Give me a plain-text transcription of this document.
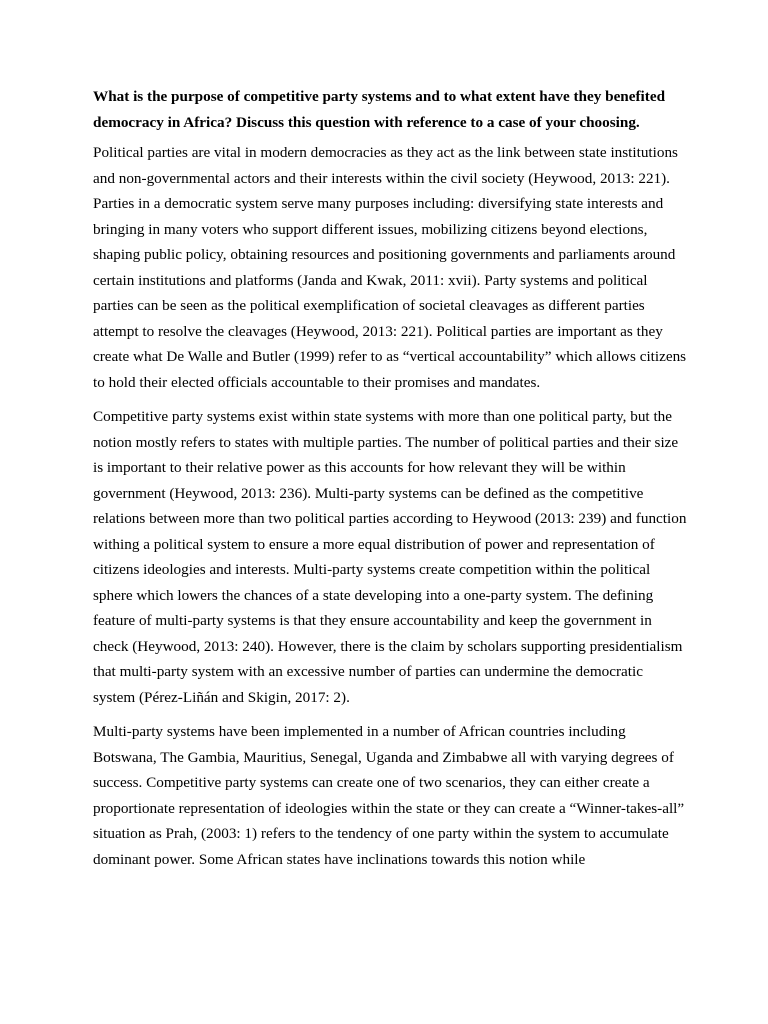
What is the purpose of competitive party systems and to what extent have they benefited democracy in Africa? Discuss this question with reference to a case of your choosing.

Political parties are vital in modern democracies as they act as the link between state institutions and non-governmental actors and their interests within the civil society (Heywood, 2013: 221). Parties in a democratic system serve many purposes including: diversifying state interests and bringing in many voters who support different issues, mobilizing citizens beyond elections, shaping public policy, obtaining resources and positioning governments and parliaments around certain institutions and platforms (Janda and Kwak, 2011: xvii). Party systems and political parties can be seen as the political exemplification of societal cleavages as different parties attempt to resolve the cleavages (Heywood, 2013: 221). Political parties are important as they create what De Walle and Butler (1999) refer to as “vertical accountability” which allows citizens to hold their elected officials accountable to their promises and mandates.

Competitive party systems exist within state systems with more than one political party, but the notion mostly refers to states with multiple parties. The number of political parties and their size is important to their relative power as this accounts for how relevant they will be within government (Heywood, 2013: 236). Multi-party systems can be defined as the competitive relations between more than two political parties according to Heywood (2013: 239) and function withing a political system to ensure a more equal distribution of power and representation of citizens ideologies and interests. Multi-party systems create competition within the political sphere which lowers the chances of a state developing into a one-party system. The defining feature of multi-party systems is that they ensure accountability and keep the government in check (Heywood, 2013: 240). However, there is the claim by scholars supporting presidentialism that multi-party system with an excessive number of parties can undermine the democratic system (Pérez-Liñán and Skigin, 2017: 2).

Multi-party systems have been implemented in a number of African countries including Botswana, The Gambia, Mauritius, Senegal, Uganda and Zimbabwe all with varying degrees of success. Competitive party systems can create one of two scenarios, they can either create a proportionate representation of ideologies within the state or they can create a “Winner-takes-all” situation as Prah, (2003: 1) refers to the tendency of one party within the system to accumulate dominant power. Some African states have inclinations towards this notion while
